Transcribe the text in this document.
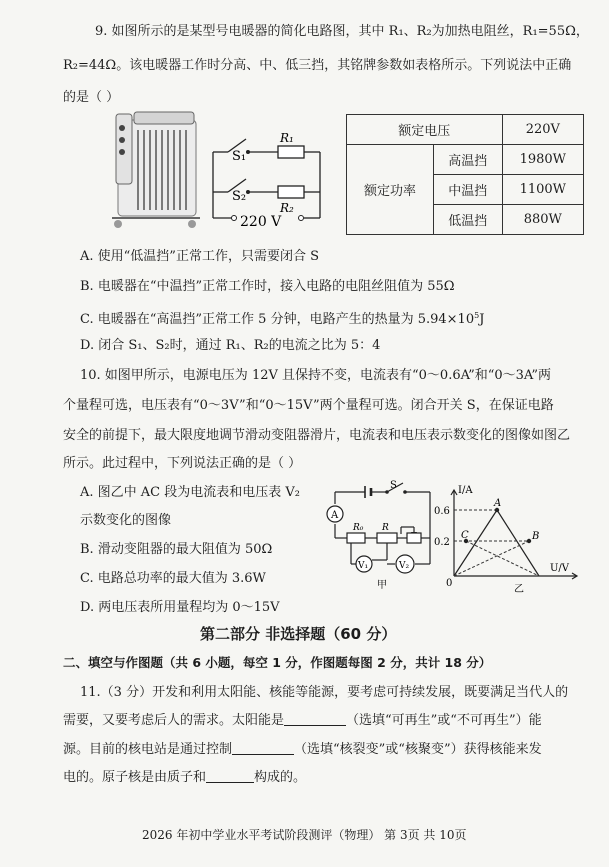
9. 如图所示的是某型号电暖器的简化电路图，其中 R₁、R₂为加热电阻丝，R₁=55Ω，
R₂=44Ω。该电暖器工作时分高、中、低三挡，其铭牌参数如表格所示。下列说法中正确
的是（ ）
S₁
R₁
S₂
R₂
220 V
额定电压		220V
额定功率	高温挡	1980W
	中温挡	1100W
	低温挡	880W
A. 使用“低温挡”正常工作，只需要闭合 S
B. 电暖器在“中温挡”正常工作时，接入电路的电阻丝阻值为 55Ω
C. 电暖器在“高温挡”正常工作 5 分钟，电路产生的热量为 $5.94\times 10^5J$
D. 闭合 S₁、S₂时，通过 R₁、R₂的电流之比为 5：4
10. 如图甲所示，电源电压为 12V 且保持不变，电流表有“0～0.6A”和“0～3A”两
个量程可选，电压表有“0～3V”和“0～15V”两个量程可选。闭合开关 S，在保证电路
安全的前提下，最大限度地调节滑动变阻器滑片，电流表和电压表示数变化的图像如图乙
所示。此过程中，下列说法正确的是（ ）
A. 图乙中 AC 段为电流表和电压表 V₂
示数变化的图像
B. 滑动变阻器的最大阻值为 50Ω
C. 电路总功率的最大值为 3.6W
D. 两电压表所用量程均为 0～15V
S
A
R₀ R
V₁	V₂
甲
I/A
U/V
0
0.6
0.2
A
B
C
乙
第二部分 非选择题（60 分）
二、填空与作图题（共 6 小题，每空 1 分，作图题每图 2 分，共计 18 分）
11.（3 分）开发和利用太阳能、核能等能源，要考虑可持续发展，既要满足当代人的
需要，又要考虑后人的需求。太阳能是	（选填“可再生”或“不可再生”）能
源。目前的核电站是通过控制	（选填“核裂变”或“核聚变”）获得核能来发
电的。原子核是由质子和	构成的。
2026 年初中学业水平考试阶段测评（物理） 第 3页 共 10页
